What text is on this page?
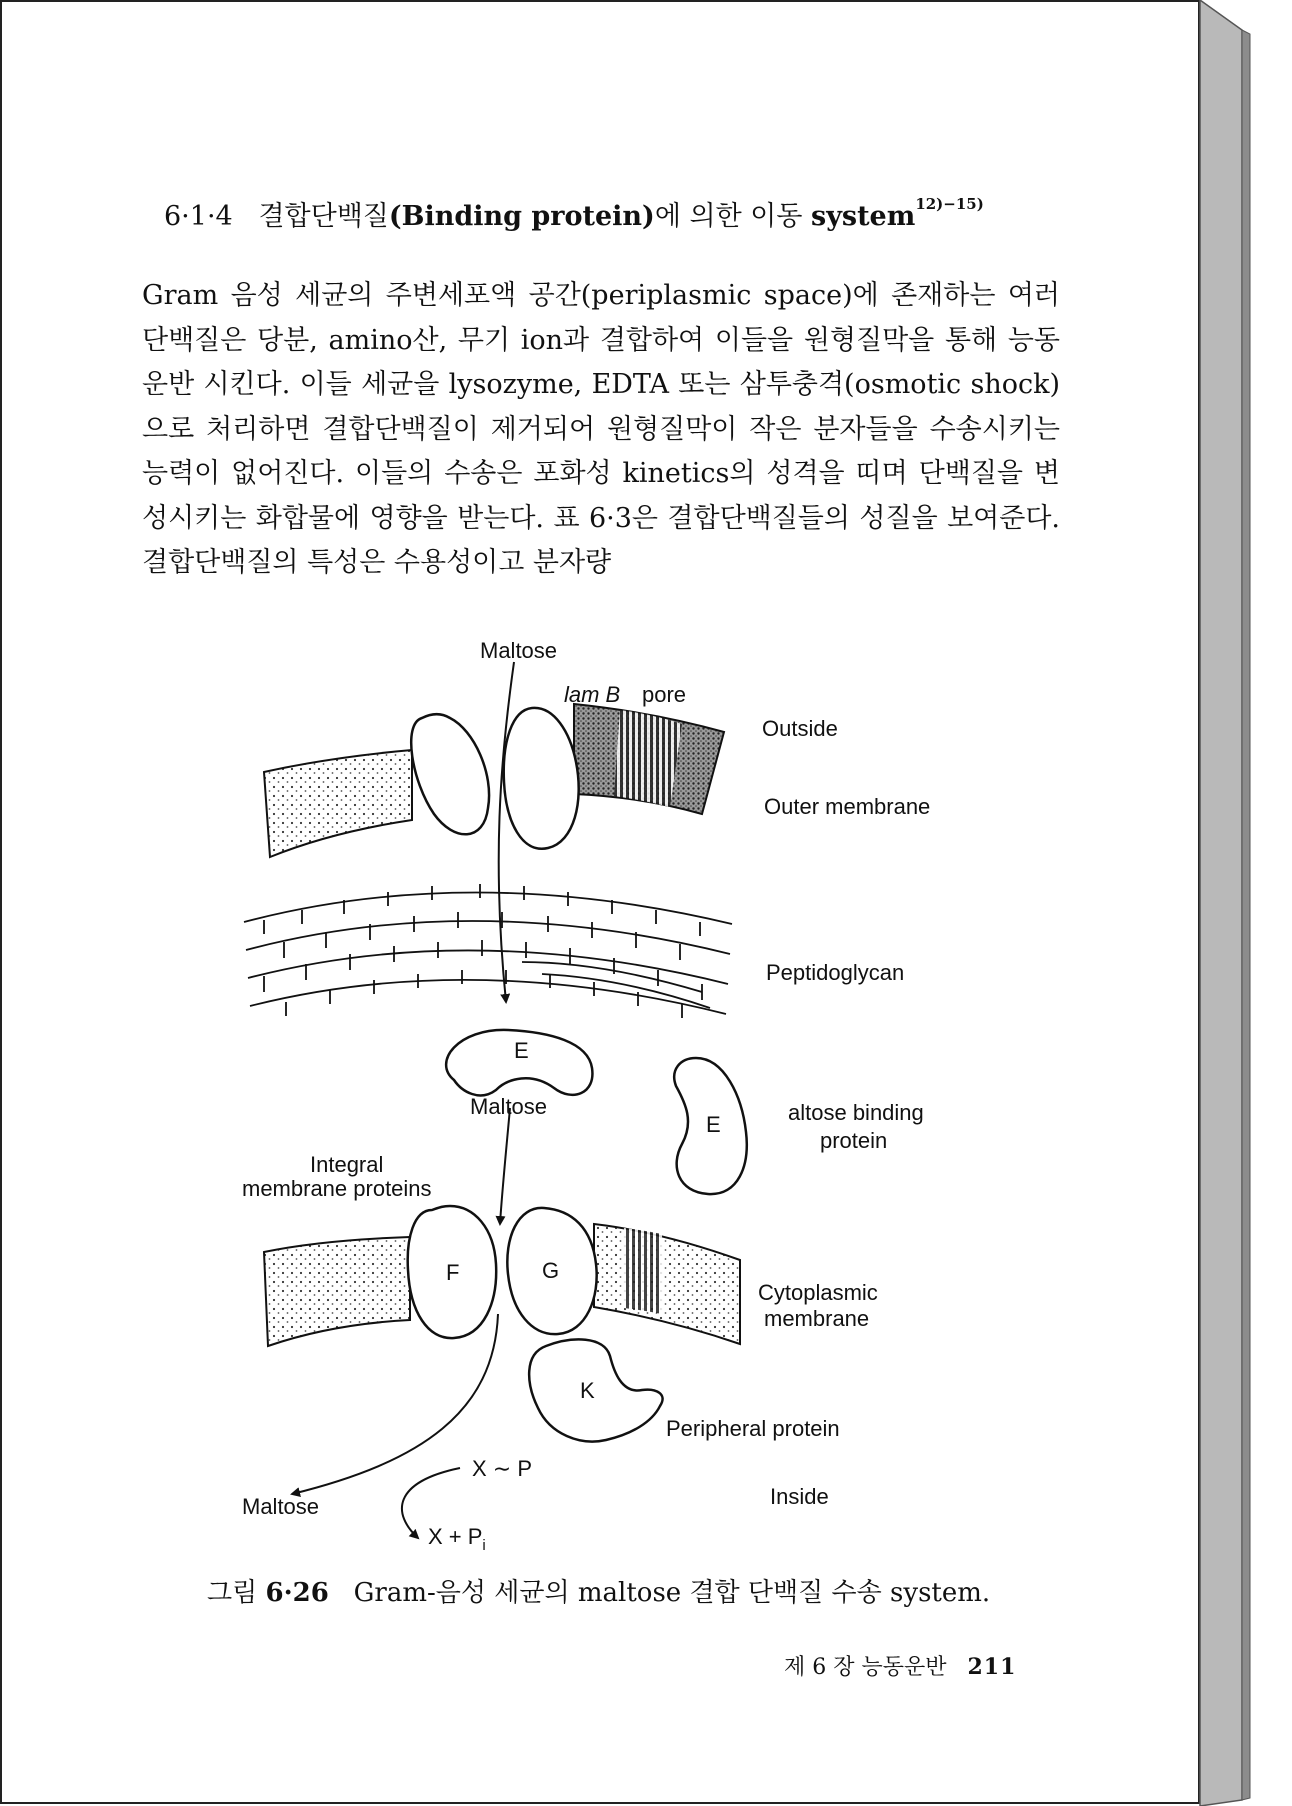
6·1·4 결합단백질(Binding protein)에 의한 이동 system$^{12)-15)}$
Gram 음성 세균의 주변세포액 공간(periplasmic space)에 존재하는 여러 단백질은 당분, amino산, 무기 ion과 결합하여 이들을 원형질막을 통해 능동운반 시킨다. 이들 세균을 lysozyme, EDTA 또는 삼투충격(osmotic shock)으로 처리하면 결합단백질이 제거되어 원형질막이 작은 분자들을 수송시키는 능력이 없어진다. 이들의 수송은 포화성 kinetics의 성격을 띠며 단백질을 변성시키는 화합물에 영향을 받는다. 표 6·3은 결합단백질들의 성질을 보여준다. 결합단백질의 특성은 수용성이고 분자량
Maltose
lam B pore
Outside
Outer membrane
Peptidoglycan
E
Maltose
E	altose binding
protein
Integral
membrane proteins
F	G
Cytoplasmic
membrane
K
Peripheral protein
X ∼ P
Inside
Maltose
$X + P_i$
그림 6·26 Gram-음성 세균의 maltose 결합 단백질 수송 system.
제 6 장 능동운반 211
